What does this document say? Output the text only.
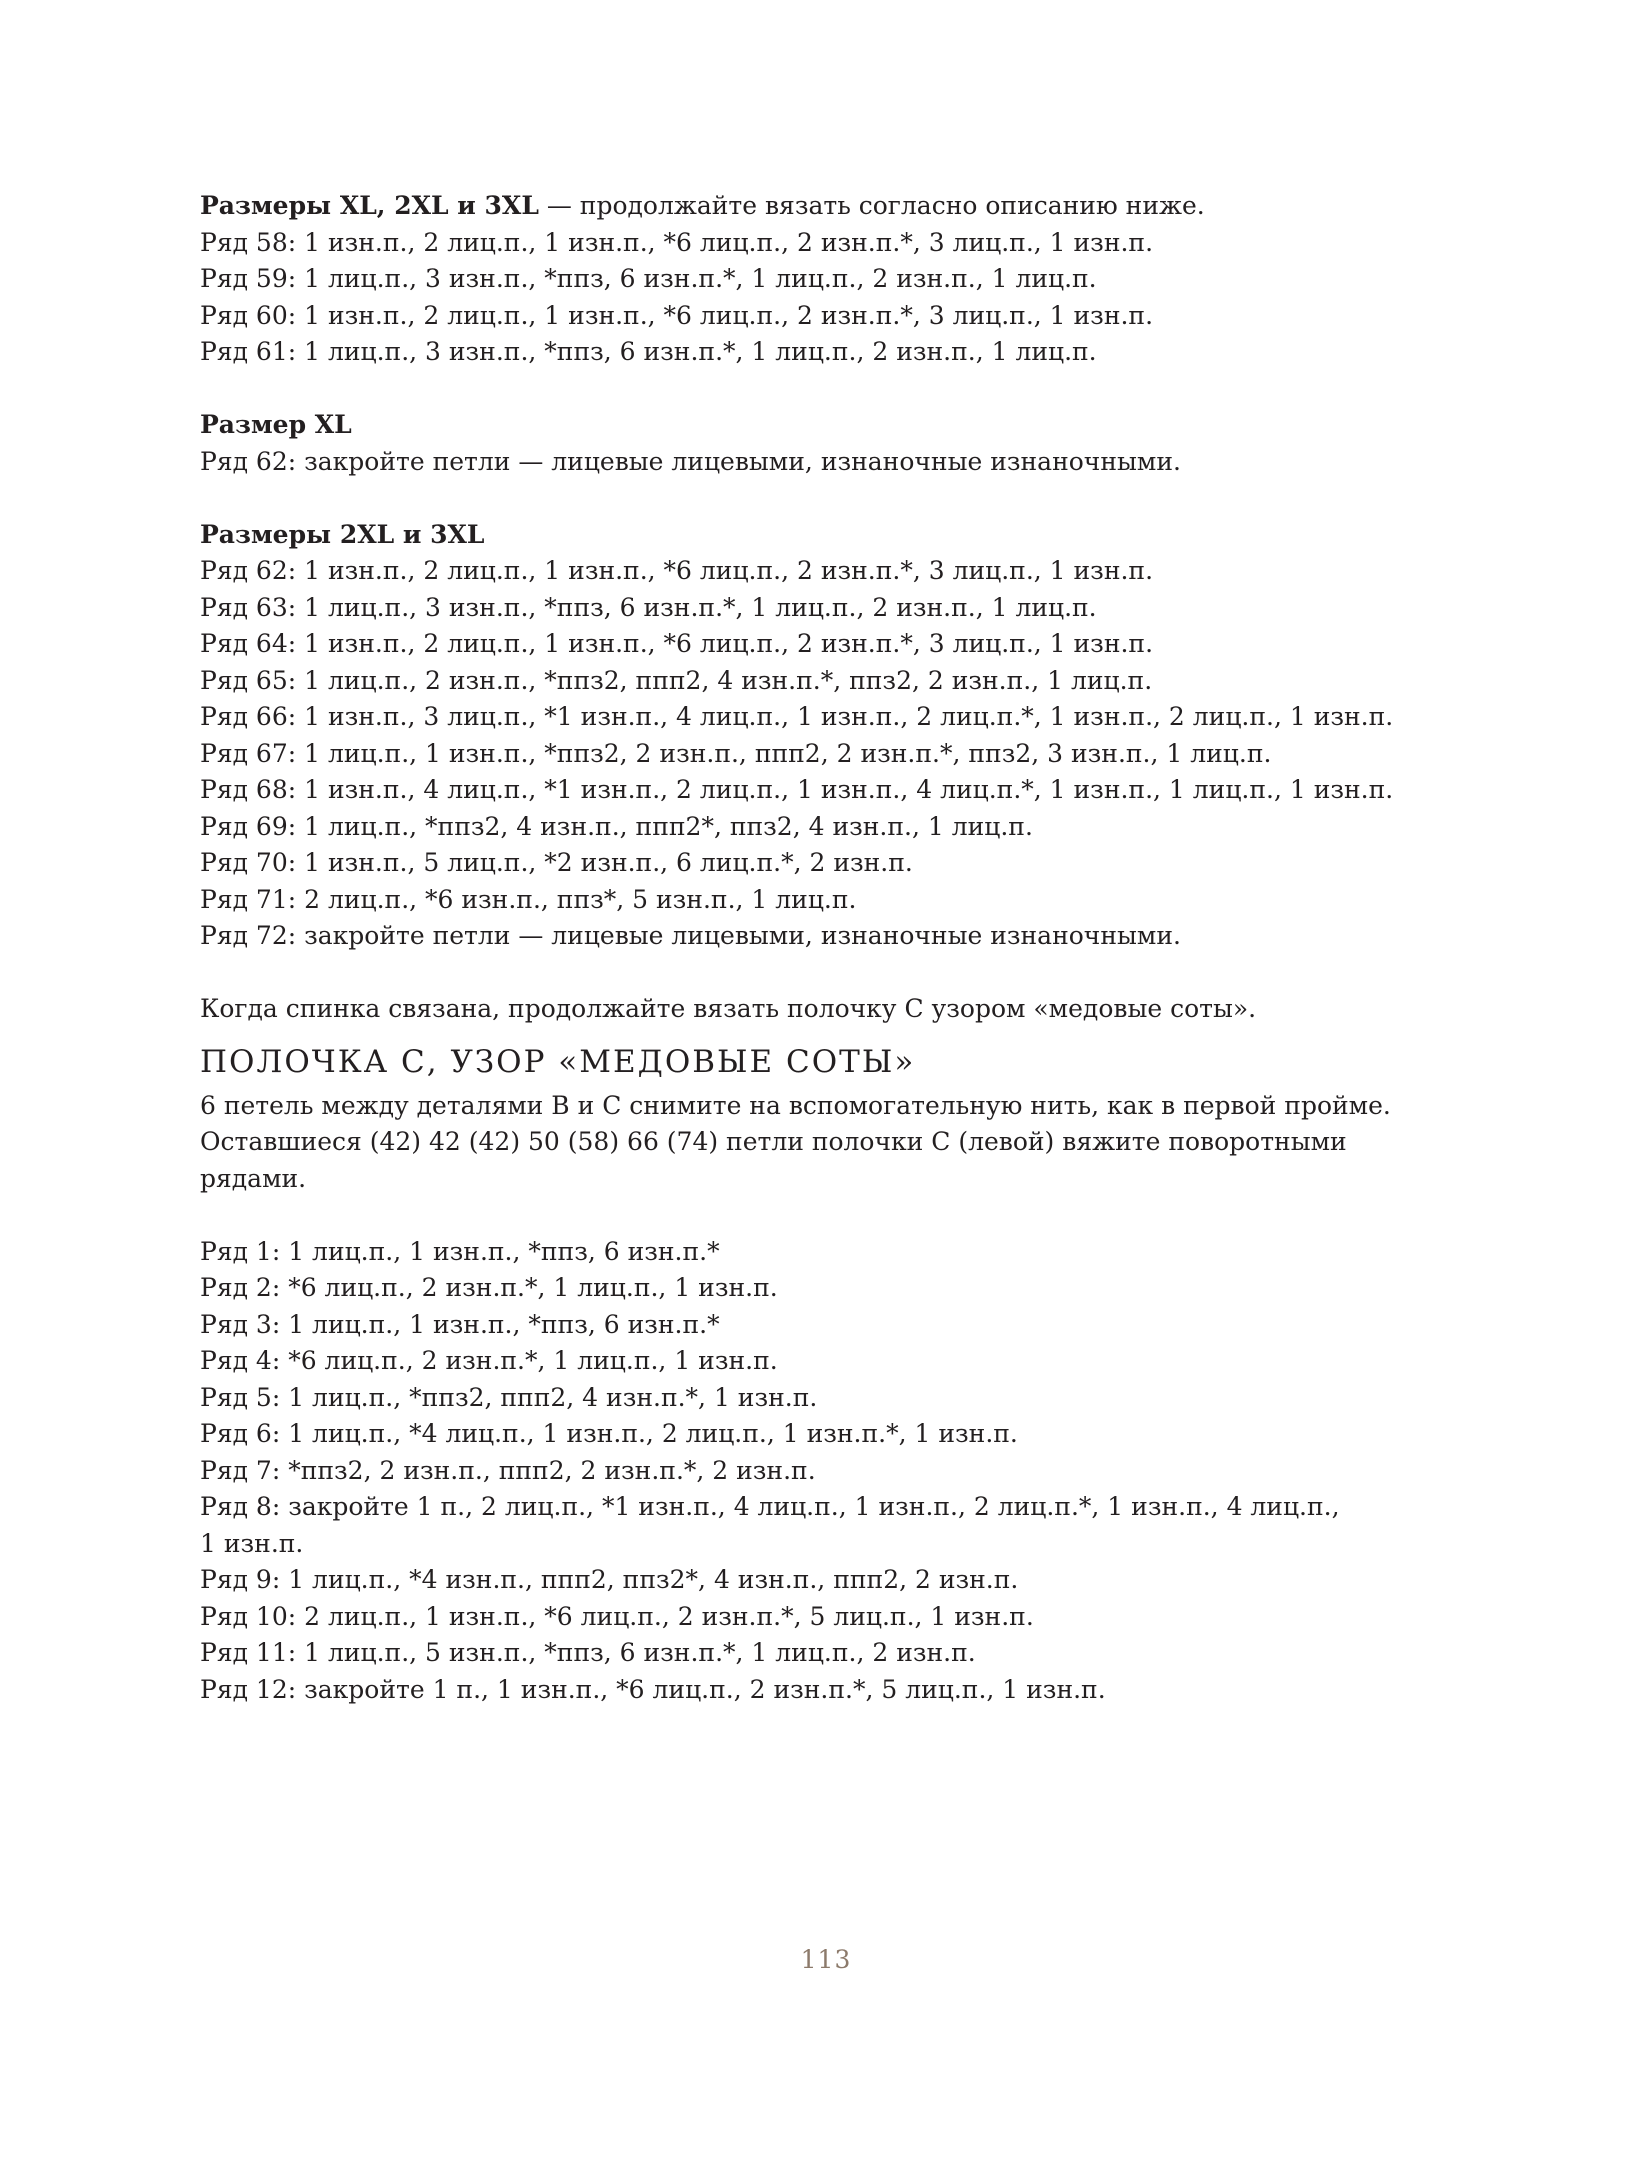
Размеры XL, 2XL и 3XL — продолжайте вязать согласно описанию ниже.
Ряд 58: 1 изн.п., 2 лиц.п., 1 изн.п., *6 лиц.п., 2 изн.п.*, 3 лиц.п., 1 изн.п.
Ряд 59: 1 лиц.п., 3 изн.п., *ппз, 6 изн.п.*, 1 лиц.п., 2 изн.п., 1 лиц.п.
Ряд 60: 1 изн.п., 2 лиц.п., 1 изн.п., *6 лиц.п., 2 изн.п.*, 3 лиц.п., 1 изн.п.
Ряд 61: 1 лиц.п., 3 изн.п., *ппз, 6 изн.п.*, 1 лиц.п., 2 изн.п., 1 лиц.п.
Размер XL
Ряд 62: закройте петли — лицевые лицевыми, изнаночные изнаночными.
Размеры 2XL и 3XL
Ряд 62: 1 изн.п., 2 лиц.п., 1 изн.п., *6 лиц.п., 2 изн.п.*, 3 лиц.п., 1 изн.п.
Ряд 63: 1 лиц.п., 3 изн.п., *ппз, 6 изн.п.*, 1 лиц.п., 2 изн.п., 1 лиц.п.
Ряд 64: 1 изн.п., 2 лиц.п., 1 изн.п., *6 лиц.п., 2 изн.п.*, 3 лиц.п., 1 изн.п.
Ряд 65: 1 лиц.п., 2 изн.п., *ппз2, ппп2, 4 изн.п.*, ппз2, 2 изн.п., 1 лиц.п.
Ряд 66: 1 изн.п., 3 лиц.п., *1 изн.п., 4 лиц.п., 1 изн.п., 2 лиц.п.*, 1 изн.п., 2 лиц.п., 1 изн.п.
Ряд 67: 1 лиц.п., 1 изн.п., *ппз2, 2 изн.п., ппп2, 2 изн.п.*, ппз2, 3 изн.п., 1 лиц.п.
Ряд 68: 1 изн.п., 4 лиц.п., *1 изн.п., 2 лиц.п., 1 изн.п., 4 лиц.п.*, 1 изн.п., 1 лиц.п., 1 изн.п.
Ряд 69: 1 лиц.п., *ппз2, 4 изн.п., ппп2*, ппз2, 4 изн.п., 1 лиц.п.
Ряд 70: 1 изн.п., 5 лиц.п., *2 изн.п., 6 лиц.п.*, 2 изн.п.
Ряд 71: 2 лиц.п., *6 изн.п., ппз*, 5 изн.п., 1 лиц.п.
Ряд 72: закройте петли — лицевые лицевыми, изнаночные изнаночными.
Когда спинка связана, продолжайте вязать полочку С узором «медовые соты».
ПОЛОЧКА С, УЗОР «МЕДОВЫЕ СОТЫ»
6 петель между деталями В и С снимите на вспомогательную нить, как в первой пройме.
Оставшиеся (42) 42 (42) 50 (58) 66 (74) петли полочки С (левой) вяжите поворотными
рядами.
Ряд 1: 1 лиц.п., 1 изн.п., *ппз, 6 изн.п.*
Ряд 2: *6 лиц.п., 2 изн.п.*, 1 лиц.п., 1 изн.п.
Ряд 3: 1 лиц.п., 1 изн.п., *ппз, 6 изн.п.*
Ряд 4: *6 лиц.п., 2 изн.п.*, 1 лиц.п., 1 изн.п.
Ряд 5: 1 лиц.п., *ппз2, ппп2, 4 изн.п.*, 1 изн.п.
Ряд 6: 1 лиц.п., *4 лиц.п., 1 изн.п., 2 лиц.п., 1 изн.п.*, 1 изн.п.
Ряд 7: *ппз2, 2 изн.п., ппп2, 2 изн.п.*, 2 изн.п.
Ряд 8: закройте 1 п., 2 лиц.п., *1 изн.п., 4 лиц.п., 1 изн.п., 2 лиц.п.*, 1 изн.п., 4 лиц.п.,
1 изн.п.
Ряд 9: 1 лиц.п., *4 изн.п., ппп2, ппз2*, 4 изн.п., ппп2, 2 изн.п.
Ряд 10: 2 лиц.п., 1 изн.п., *6 лиц.п., 2 изн.п.*, 5 лиц.п., 1 изн.п.
Ряд 11: 1 лиц.п., 5 изн.п., *ппз, 6 изн.п.*, 1 лиц.п., 2 изн.п.
Ряд 12: закройте 1 п., 1 изн.п., *6 лиц.п., 2 изн.п.*, 5 лиц.п., 1 изн.п.
113
